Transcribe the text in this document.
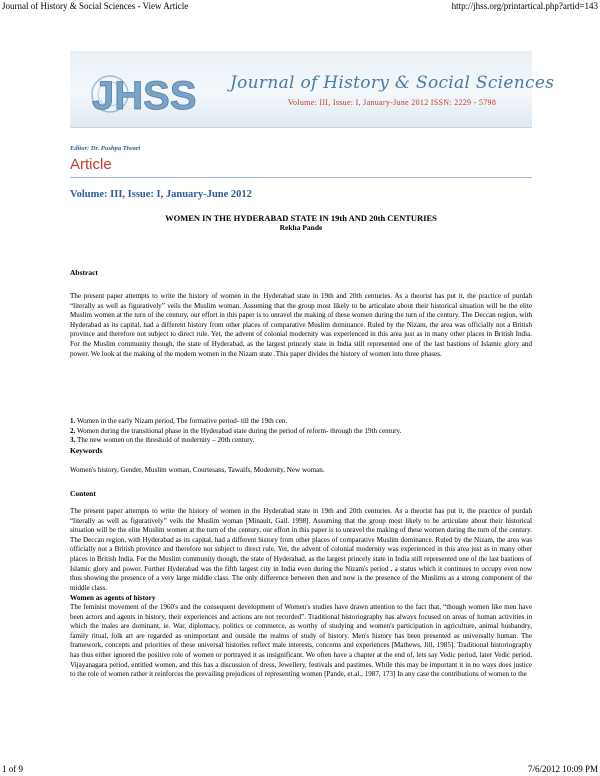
Journal of History & Social Sciences - View Article	http://jhss.org/printartical.php?artid=143
JHSS Journal of History & Social Sciences
Volume: III, Issue: I, January-June 2012 ISSN: 2229 - 5798
Editor: Dr. Pushpa Tiwari
Article
Volume: III, Issue: I, January-June 2012
WOMEN IN THE HYDERABAD STATE IN 19th AND 20th CENTURIES
Rekha Pande
Abstract
The present paper attempts to write the history of women in the Hyderabad state in 19th and 20th centuries. As a theorist has put it, the practice of purdah “literally as well as figuratively” veils the Muslim woman. Assuming that the group most likely to be articulate about their historical situation will be the elite Muslim women at the turn of the century, our effort in this paper is to unravel the making of these women during the turn of the century. The Deccan region, with Hyderabad as its capital, had a different history from other places of comparative Muslim dominance. Ruled by the Nizam, the area was officially not a British province and therefore not subject to direct rule. Yet, the advent of colonial modernity was experienced in this area just as in many other places in British India. For the Muslim community though, the state of Hyderabad, as the largest princely state in India still represented one of the last bastions of Islamic glory and power. We look at the making of the modern women in the Nizam state .This paper divides the history of women into three phases.
1. Women in the early Nizam period, The formative period- till the 19th cen.
2. Women during the transitional phase in the Hyderabad state during the period of reform- through the 19th century.
3. The new women on the threshold of modernity – 20th century.
Keywords
Women's history, Gender, Muslim woman, Courtesans, Tawaifs, Modernity, New woman.
Content

The present paper attempts to write the history of women in the Hyderabad state in 19th and 20th centuries. As a theorist has put it, the practice of purdah “literally as well as figuratively” veils the Muslim woman [Minault, Gail. 1998]. Assuming that the group most likely to be articulate about their historical situation will be the elite Muslim women at the turn of the century, our effort in this paper is to unravel the making of these women during the turn of the century. The Deccan region, with Hyderabad as its capital, had a different history from other places of comparative Muslim dominance. Ruled by the Nizam, the area was officially not a British province and therefore not subject to direct rule. Yet, the advent of colonial modernity was experienced in this area just as in many other places in British India. For the Muslim community though, the state of Hyderabad, as the largest princely state in India still represented one of the last bastions of Islamic glory and power. Further Hyderabad was the fifth largest city in India even during the Nizam's period , a status which it continues to occupy even now thus showing the presence of a very large middle class. The only difference between then and now is the presence of the Muslims as a strong component of the middle class.

Women as agents of history

The feminist movement of the 1960's and the consequent development of Women's studies have drawn attention to the fact that, “though women like men have been actors and agents in history, their experiences and actions are not recorded”. Traditional historiography has always focused on areas of human activities in which the males are dominant, ie. War, diplomacy, politics or commerce, as worthy of studying and women's participation in agriculture, animal husbandry, family ritual, folk art are regarded as unimportant and outside the realms of study of history. Men's history has been presented as universally human. The framework, concepts and priorities of these universal histories reflect male interests, concerns and experiences [Mathews, Jill, 1985]. Traditional historiography has thus either ignored the positive role of women or portrayed it as insignificant. We often have a chapter at the end of, lets say Vedic period, later Vedic period, Vijayanagara period, entitled women, and this has a discussion of dress, Jewellery, festivals and pastimes. While this may be important it in no ways does justice to the role of women rather it reinforces the prevailing prejudices of representing women [Pande, et.al., 1987, 173] In any case the contributions of women to the

1 of 9	7/6/2012 10:09 PM
